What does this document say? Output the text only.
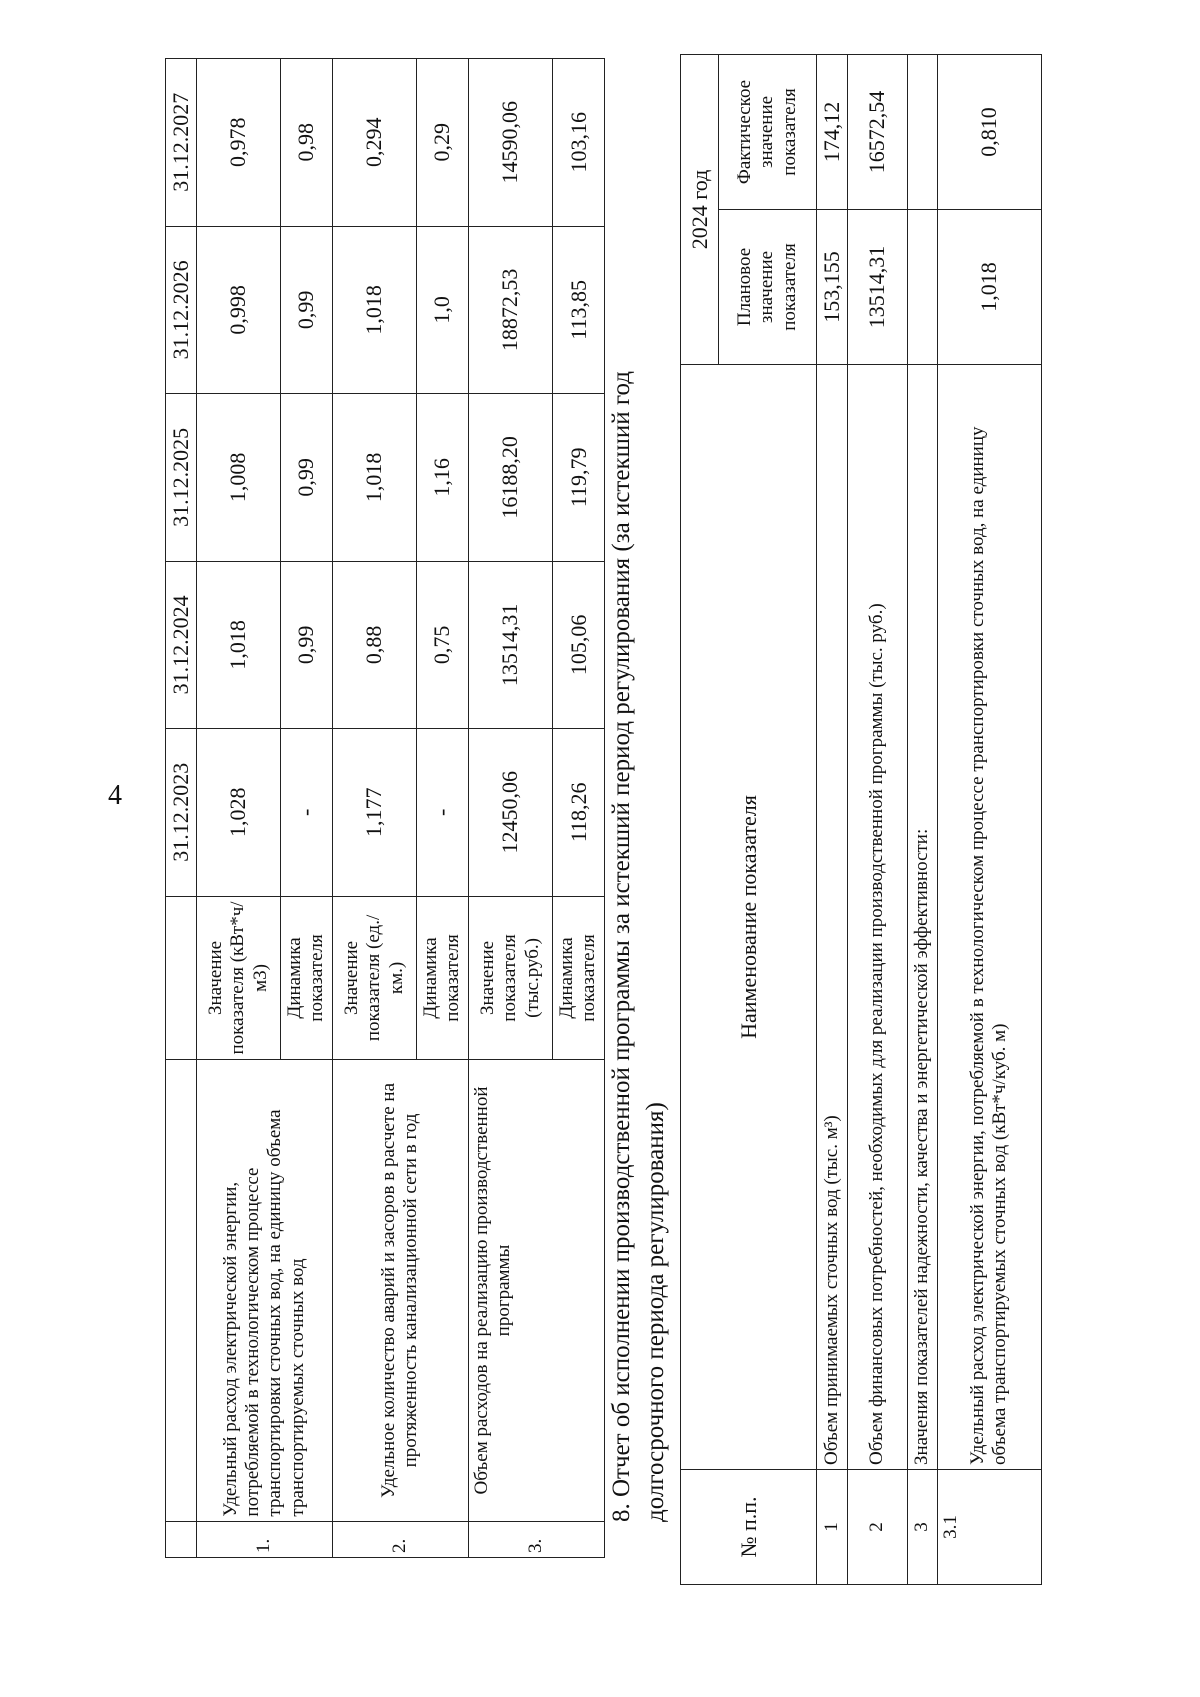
4
			31.12.2023	31.12.2024	31.12.2025	31.12.2026	31.12.2027
1.	Удельный расход электрической энергии, потребляемой в технологическом процессе транспортировки сточных вод, на единицу объема транспортируемых сточных вод	Значение показателя (кВт*ч/м3)	1,028	1,018	1,008	0,998	0,978
		Динамика показателя	-	0,99	0,99	0,99	0,98
2.	Удельное количество аварий и засоров в расчете на протяженность канализационной сети в год	Значение показателя (ед./км.)	1,177	0,88	1,018	1,018	0,294
		Динамика показателя	-	0,75	1,16	1,0	0,29
3.	Объем расходов на реализацию производственной программы	Значение показателя (тыс.руб.)	12450,06	13514,31	16188,20	18872,53	14590,06
		Динамика показателя	118,26	105,06	119,79	113,85	103,16
8. Отчет об исполнении производственной программы за истекший период регулирования (за истекший год долгосрочного периода регулирования)
№ п.п.	Наименование показателя	2024 год	
		Плановое значение показателя	Фактическое значение показателя
1	Объем принимаемых сточных вод (тыс. м³)	153,155	174,12
2	Объем финансовых потребностей, необходимых для реализации производственной программы (тыс. руб.)	13514,31	16572,54
3	Значения показателей надежности, качества и энергетической эффективности:		
3.1	Удельный расход электрической энергии, потребляемой в технологическом процессе транспортировки сточных вод, на единицу объема транспортируемых сточных вод (кВт*ч/куб. м)	1,018	0,810
